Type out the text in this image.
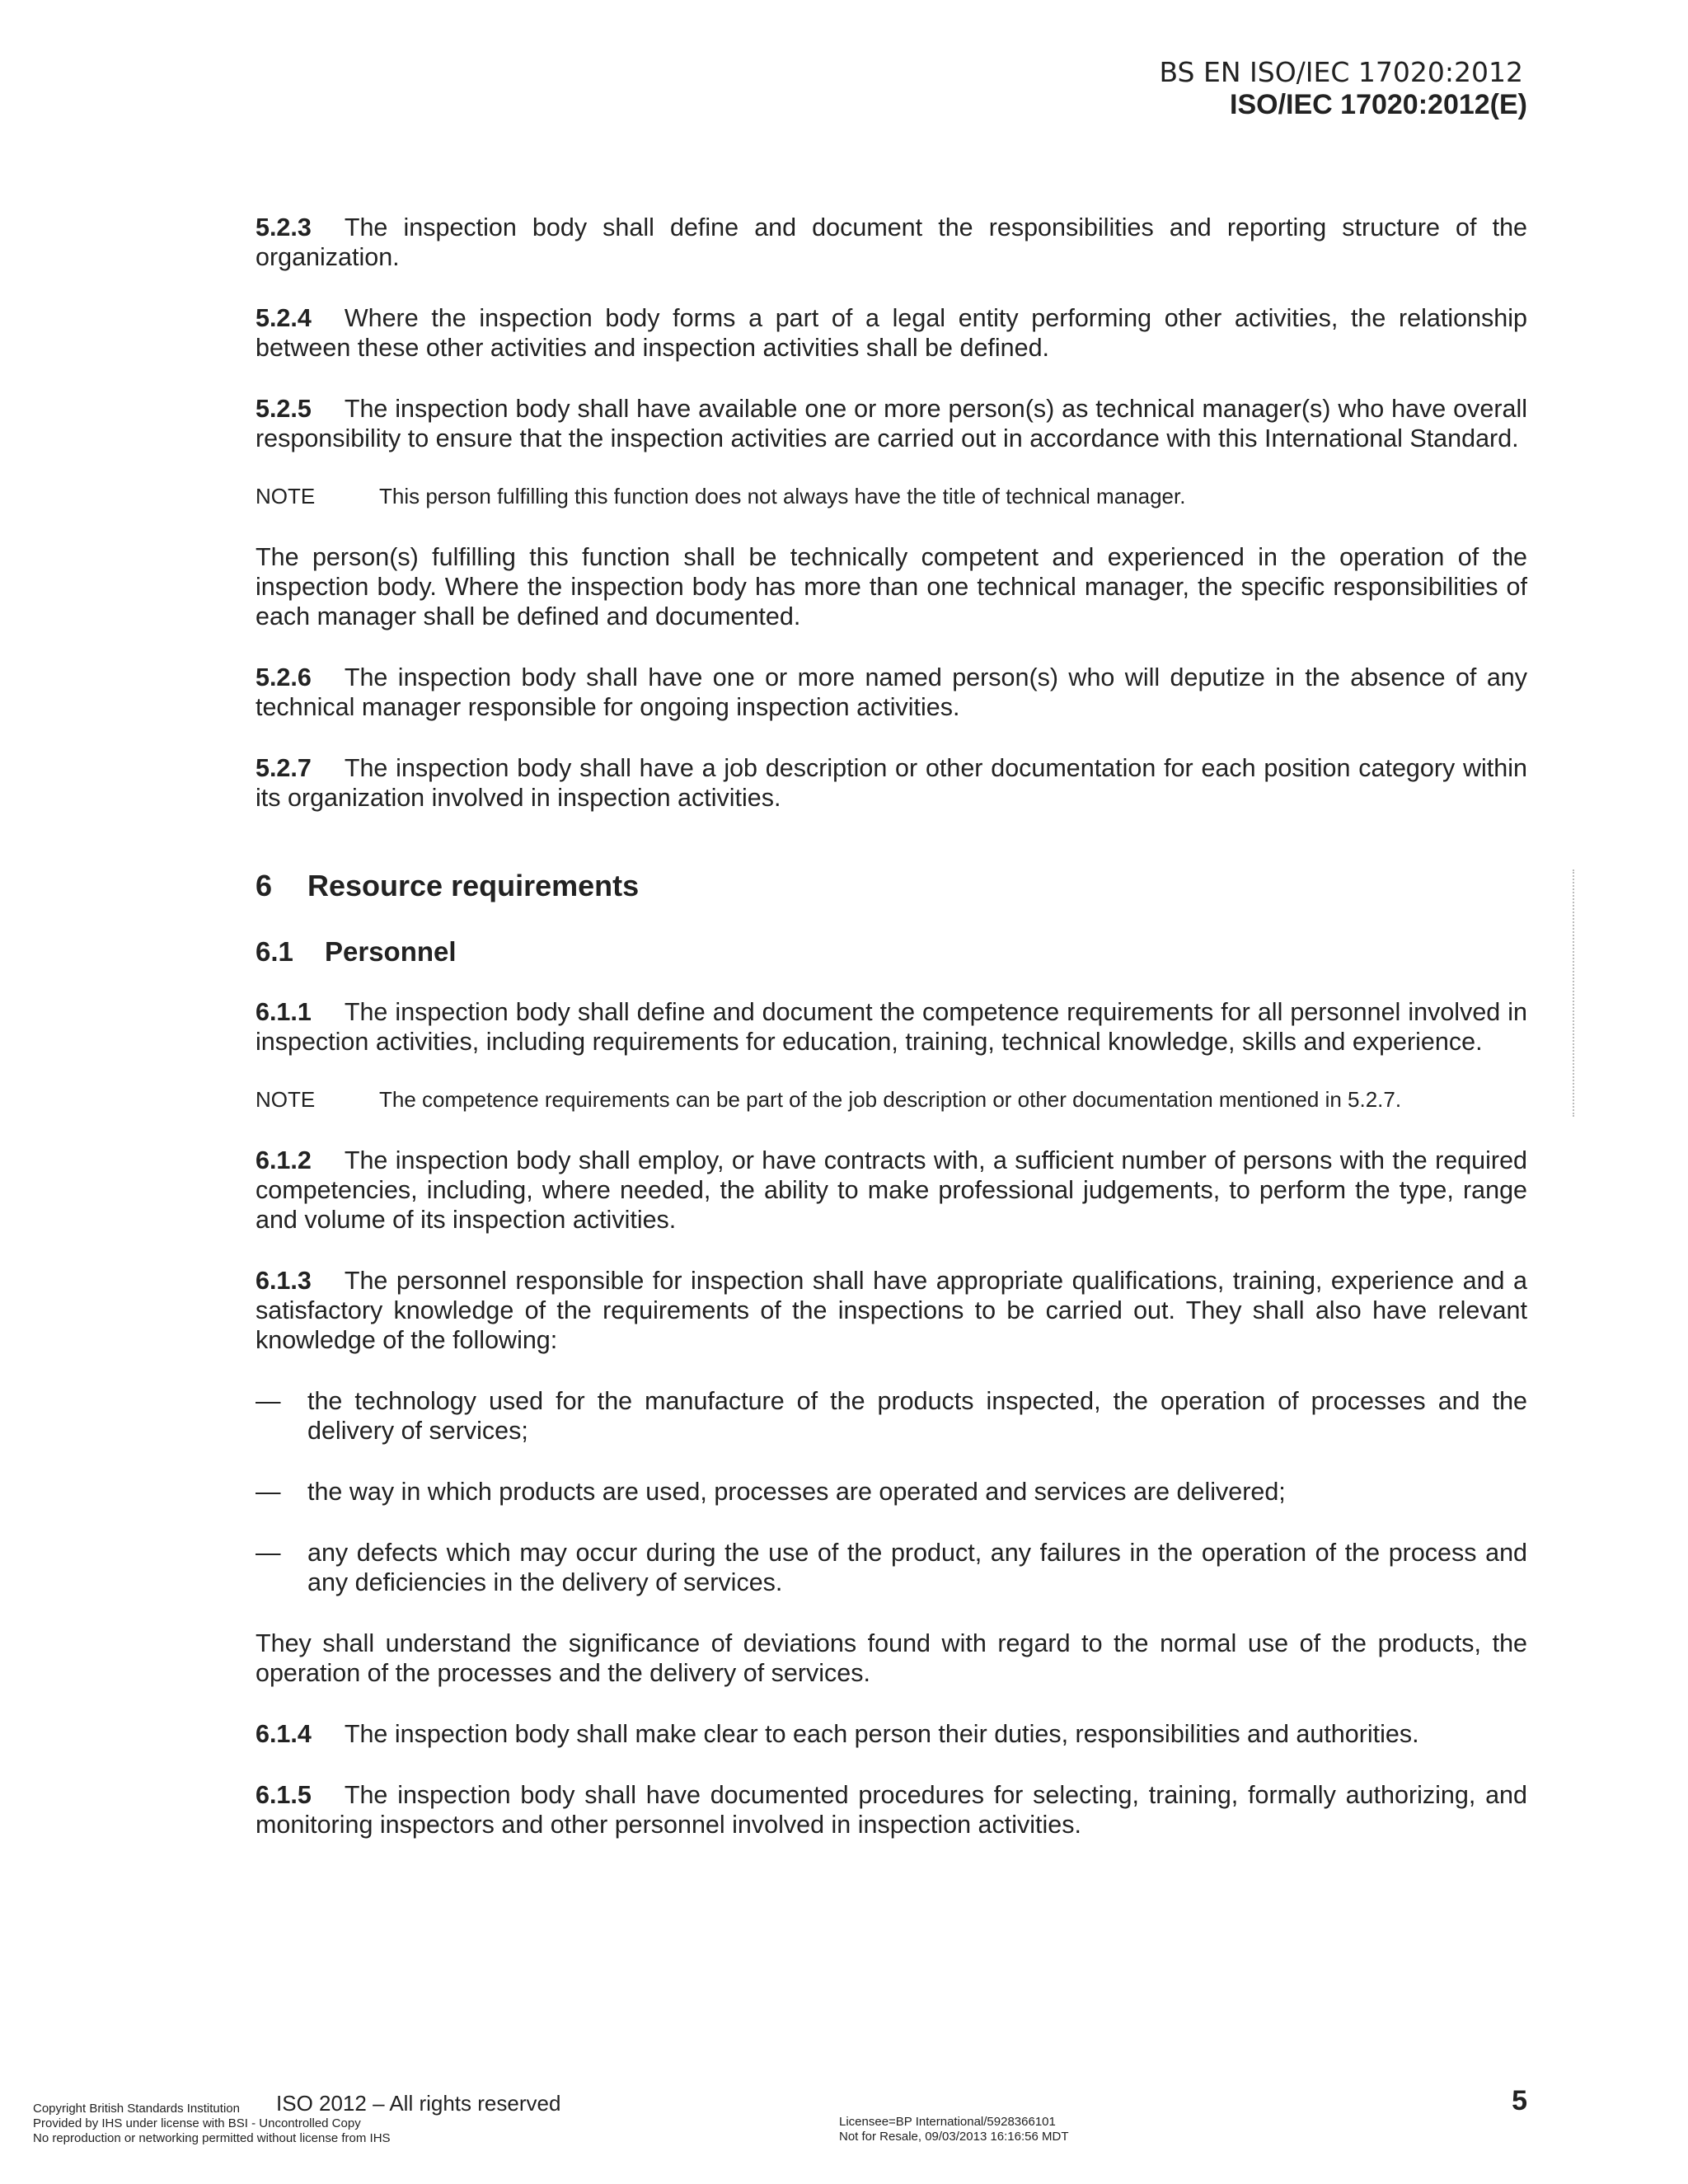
BS EN ISO/IEC 17020:2012
ISO/IEC 17020:2012(E)

5.2.3 The inspection body shall define and document the responsibilities and reporting structure of the organization.

5.2.4 Where the inspection body forms a part of a legal entity performing other activities, the relationship between these other activities and inspection activities shall be defined.

5.2.5 The inspection body shall have available one or more person(s) as technical manager(s) who have overall responsibility to ensure that the inspection activities are carried out in accordance with this International Standard.

NOTE	This person fulfilling this function does not always have the title of technical manager.

The person(s) fulfilling this function shall be technically competent and experienced in the operation of the inspection body. Where the inspection body has more than one technical manager, the specific responsibilities of each manager shall be defined and documented.

5.2.6 The inspection body shall have one or more named person(s) who will deputize in the absence of any technical manager responsible for ongoing inspection activities.

5.2.7 The inspection body shall have a job description or other documentation for each position category within its organization involved in inspection activities.

6	Resource requirements
6.1	Personnel

6.1.1 The inspection body shall define and document the competence requirements for all personnel involved in inspection activities, including requirements for education, training, technical knowledge, skills and experience.

NOTE	The competence requirements can be part of the job description or other documentation mentioned in 5.2.7.

6.1.2 The inspection body shall employ, or have contracts with, a sufficient number of persons with the required competencies, including, where needed, the ability to make professional judgements, to perform the type, range and volume of its inspection activities.

6.1.3 The personnel responsible for inspection shall have appropriate qualifications, training, experience and a satisfactory knowledge of the requirements of the inspections to be carried out. They shall also have relevant knowledge of the following:

—	the technology used for the manufacture of the products inspected, the operation of processes and the delivery of services;
—	the way in which products are used, processes are operated and services are delivered;
—	any defects which may occur during the use of the product, any failures in the operation of the process and any deficiencies in the delivery of services.

They shall understand the significance of deviations found with regard to the normal use of the products, the operation of the processes and the delivery of services.

6.1.4 The inspection body shall make clear to each person their duties, responsibilities and authorities.

6.1.5 The inspection body shall have documented procedures for selecting, training, formally authorizing, and monitoring inspectors and other personnel involved in inspection activities.

Copyright British Standards Institution
Provided by IHS under license with BSI - Uncontrolled Copy
No reproduction or networking permitted without license from IHS
ISO 2012 – All rights reserved
Licensee=BP International/5928366101
Not for Resale, 09/03/2013 16:16:56 MDT
5
